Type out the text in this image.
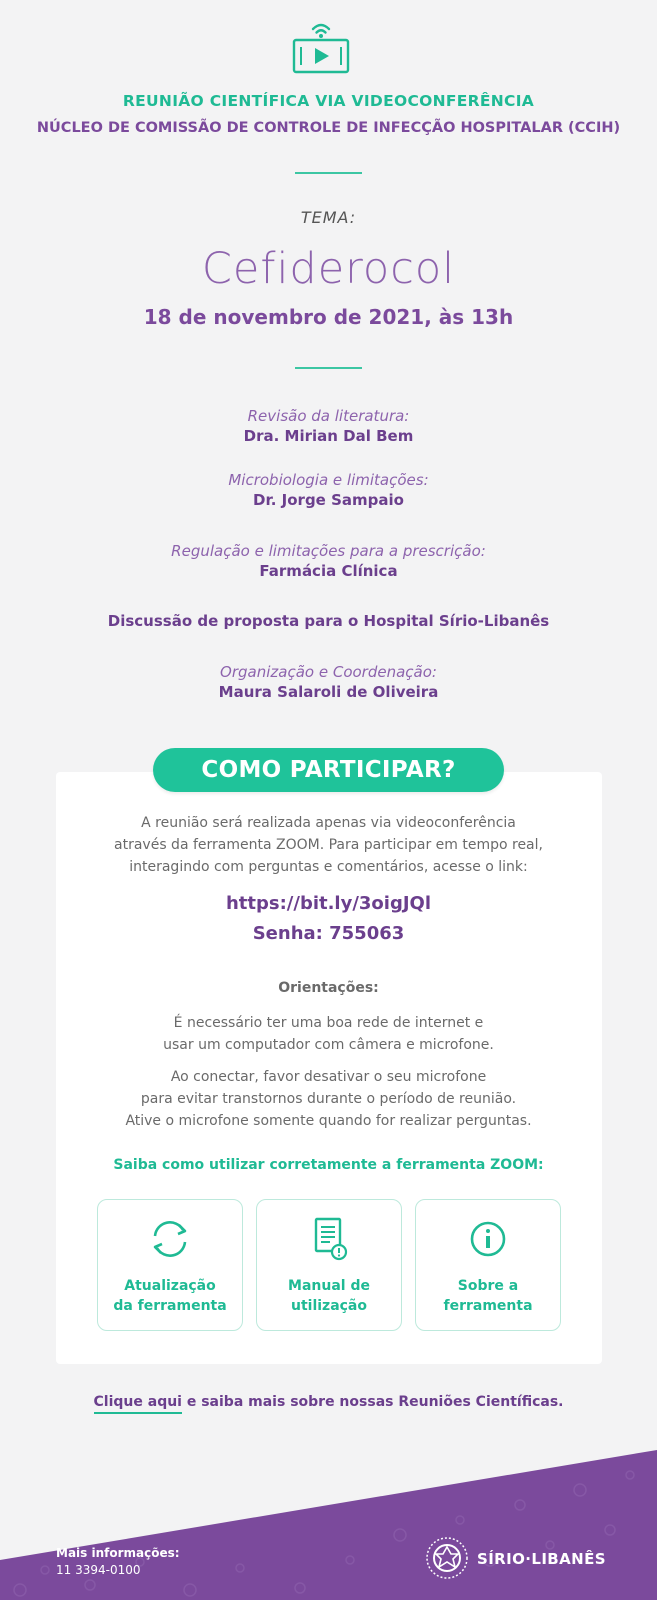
REUNIÃO CIENTÍFICA VIA VIDEOCONFERÊNCIA
NÚCLEO DE COMISSÃO DE CONTROLE DE INFECÇÃO HOSPITALAR (CCIH)
TEMA:
Cefiderocol
18 de novembro de 2021, às 13h
Revisão da literatura:
Dra. Mirian Dal Bem
Microbiologia e limitações:
Dr. Jorge Sampaio
Regulação e limitações para a prescrição:
Farmácia Clínica
Discussão de proposta para o Hospital Sírio-Libanês
Organização e Coordenação:
Maura Salaroli de Oliveira
COMO PARTICIPAR?
A reunião será realizada apenas via videoconferência
através da ferramenta ZOOM. Para participar em tempo real,
interagindo com perguntas e comentários, acesse o link:
https://bit.ly/3oigJQl
Senha: 755063
Orientações:
É necessário ter uma boa rede de internet e
usar um computador com câmera e microfone.
Ao conectar, favor desativar o seu microfone
para evitar transtornos durante o período de reunião.
Ative o microfone somente quando for realizar perguntas.
Saiba como utilizar corretamente a ferramenta ZOOM:
Atualização
da ferramenta
Manual de
utilização
Sobre a
ferramenta
Clique aqui e saiba mais sobre nossas Reuniões Científicas.
Mais informações:
11 3394-0100
SÍRIO·LIBANÊS
